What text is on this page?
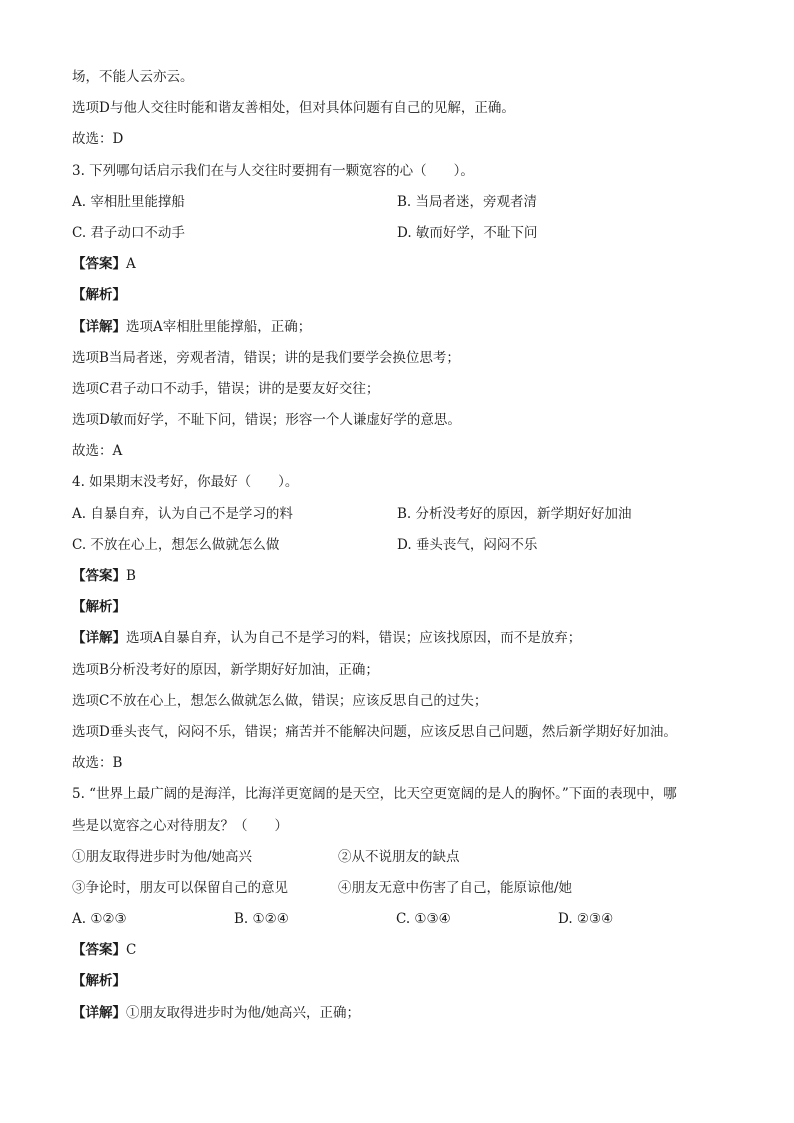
场，不能人云亦云。
选项D与他人交往时能和谐友善相处，但对具体问题有自己的见解，正确。
故选：D
3. 下列哪句话启示我们在与人交往时要拥有一颗宽容的心（　　）。
A. 宰相肚里能撑船	B. 当局者迷，旁观者清
C. 君子动口不动手	D. 敏而好学，不耻下问
【答案】A
【解析】
【详解】选项A宰相肚里能撑船，正确；
选项B当局者迷，旁观者清，错误；讲的是我们要学会换位思考；
选项C君子动口不动手，错误；讲的是要友好交往；
选项D敏而好学，不耻下问，错误；形容一个人谦虚好学的意思。
故选：A
4. 如果期末没考好，你最好（　　）。
A. 自暴自弃，认为自己不是学习的料	B. 分析没考好的原因，新学期好好加油
C. 不放在心上，想怎么做就怎么做	D. 垂头丧气，闷闷不乐
【答案】B
【解析】
【详解】选项A自暴自弃，认为自己不是学习的料，错误；应该找原因，而不是放弃；
选项B分析没考好的原因，新学期好好加油，正确；
选项C不放在心上，想怎么做就怎么做，错误；应该反思自己的过失；
选项D垂头丧气，闷闷不乐，错误；痛苦并不能解决问题，应该反思自己问题，然后新学期好好加油。
故选：B
5. “世界上最广阔的是海洋，比海洋更宽阔的是天空，比天空更宽阔的是人的胸怀。”下面的表现中，哪
些是以宽容之心对待朋友？（　　）
①朋友取得进步时为他/她高兴	②从不说朋友的缺点
③争论时，朋友可以保留自己的意见	④朋友无意中伤害了自己，能原谅他/她
A. ①②③	B. ①②④	C. ①③④	D. ②③④
【答案】C
【解析】
【详解】①朋友取得进步时为他/她高兴，正确；
